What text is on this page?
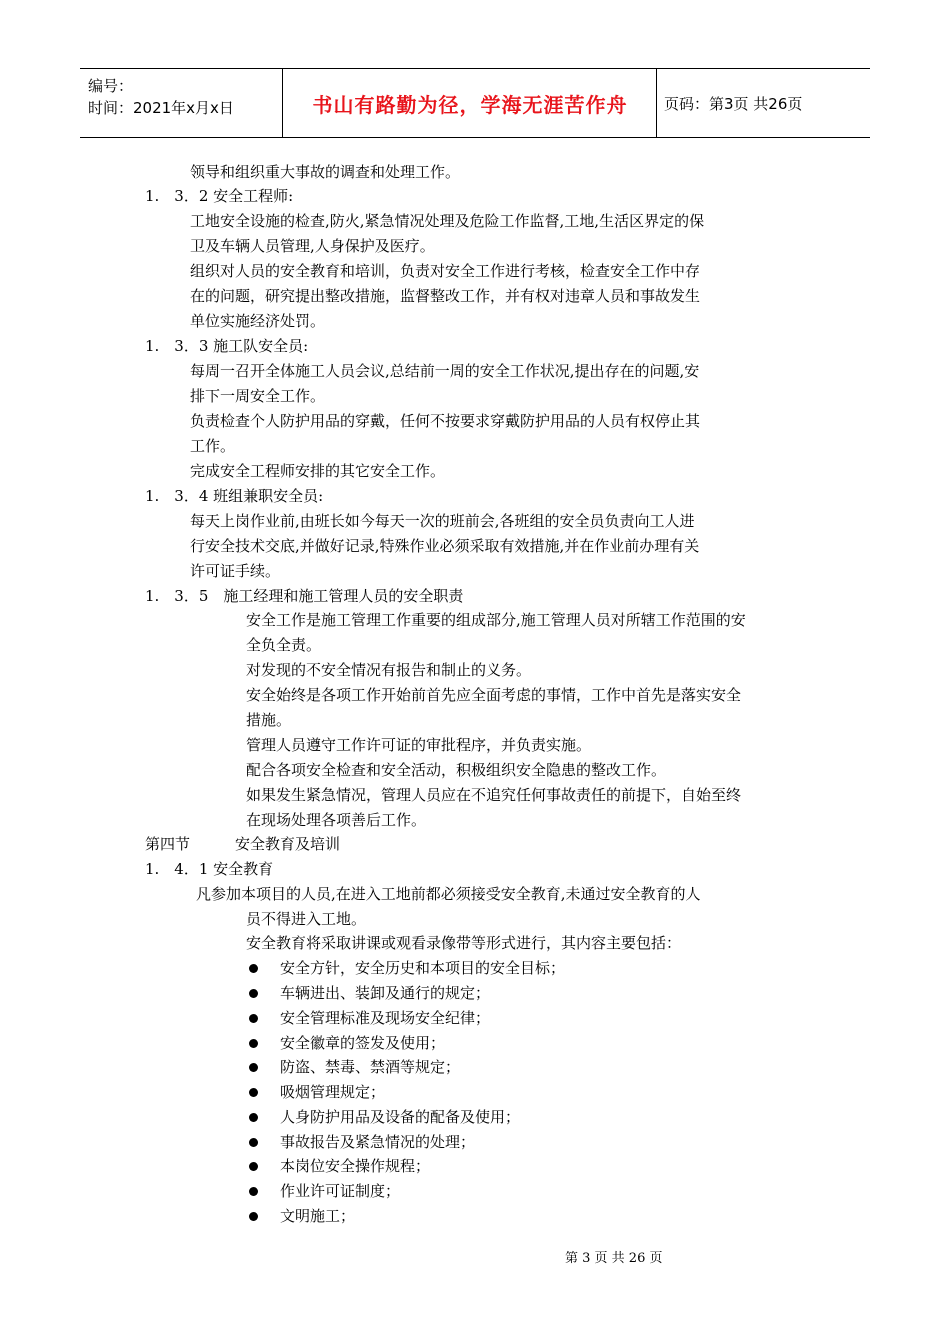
编号：
时间：2021年x月x日	书山有路勤为径，学海无涯苦作舟	页码：第3页 共26页
领导和组织重大事故的调查和处理工作。
1.　3．2 安全工程师:
工地安全设施的检查,防火,紧急情况处理及危险工作监督,工地,生活区界定的保
卫及车辆人员管理,人身保护及医疗。
组织对人员的安全教育和培训，负责对安全工作进行考核，检查安全工作中存
在的问题，研究提出整改措施，监督整改工作，并有权对违章人员和事故发生
单位实施经济处罚。
1.　3．3 施工队安全员:
每周一召开全体施工人员会议,总结前一周的安全工作状况,提出存在的问题,安
排下一周安全工作。
负责检查个人防护用品的穿戴，任何不按要求穿戴防护用品的人员有权停止其
工作。
完成安全工程师安排的其它安全工作。
1.　3．4 班组兼职安全员:
每天上岗作业前,由班长如今每天一次的班前会,各班组的安全员负责向工人进
行安全技术交底,并做好记录,特殊作业必须采取有效措施,并在作业前办理有关
许可证手续。
1.　3．5　施工经理和施工管理人员的安全职责
安全工作是施工管理工作重要的组成部分,施工管理人员对所辖工作范围的安
全负全责。
对发现的不安全情况有报告和制止的义务。
安全始终是各项工作开始前首先应全面考虑的事情，工作中首先是落实安全
措施。
管理人员遵守工作许可证的审批程序，并负责实施。
配合各项安全检查和安全活动，积极组织安全隐患的整改工作。
如果发生紧急情况，管理人员应在不追究任何事故责任的前提下，自始至终
在现场处理各项善后工作。
第四节　　　安全教育及培训
1.　4．1 安全教育
凡参加本项目的人员,在进入工地前都必须接受安全教育,未通过安全教育的人
员不得进入工地。
安全教育将采取讲课或观看录像带等形式进行，其内容主要包括：
安全方针，安全历史和本项目的安全目标；
车辆进出、装卸及通行的规定；
安全管理标准及现场安全纪律；
安全徽章的签发及使用；
防盗、禁毒、禁酒等规定；
吸烟管理规定；
人身防护用品及设备的配备及使用；
事故报告及紧急情况的处理；
本岗位安全操作规程；
作业许可证制度；
文明施工；
第 3 页 共 26 页
